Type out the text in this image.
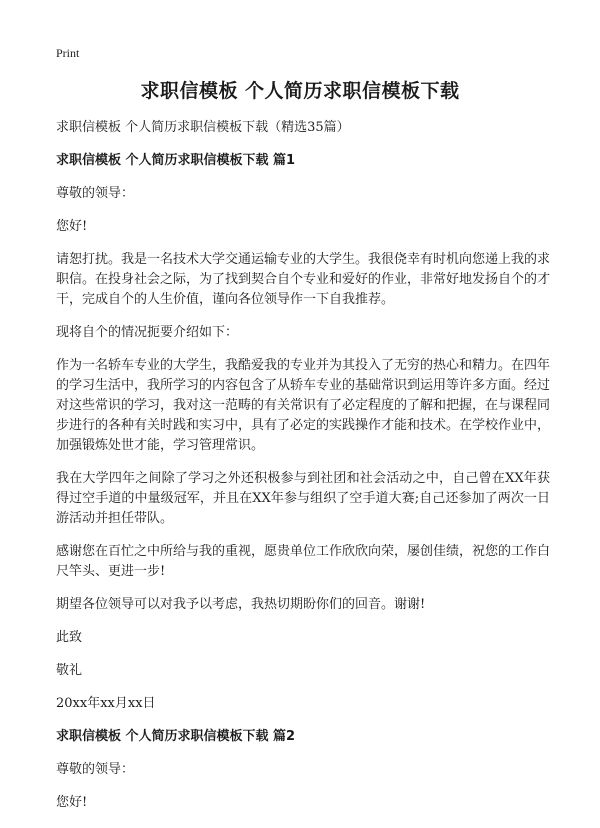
Print
求职信模板 个人简历求职信模板下载

求职信模板 个人简历求职信模板下载（精选35篇）

求职信模板 个人简历求职信模板下载 篇1

尊敬的领导：

您好!

请恕打扰。我是一名技术大学交通运输专业的大学生。我很侥幸有时机向您递上我的求职信。在投身社会之际，为了找到契合自个专业和爱好的作业，非常好地发扬自个的才干，完成自个的人生价值，谨向各位领导作一下自我推荐。

现将自个的情况扼要介绍如下：

作为一名轿车专业的大学生，我酷爱我的专业并为其投入了无穷的热心和精力。在四年的学习生活中，我所学习的内容包含了从轿车专业的基础常识到运用等许多方面。经过对这些常识的学习，我对这一范畴的有关常识有了必定程度的了解和把握，在与课程同步进行的各种有关时践和实习中，具有了必定的实践操作才能和技术。在学校作业中，加强锻炼处世才能，学习管理常识。

我在大学四年之间除了学习之外还积极参与到社团和社会活动之中，自己曾在XX年获得过空手道的中量级冠军，并且在XX年参与组织了空手道大赛;自己还参加了两次一日游活动并担任带队。

感谢您在百忙之中所给与我的重视，愿贵单位工作欣欣向荣，屡创佳绩，祝您的工作白尺竿头、更进一步!

期望各位领导可以对我予以考虑，我热切期盼你们的回音。谢谢!

此致

敬礼

20xx年xx月xx日

求职信模板 个人简历求职信模板下载 篇2

尊敬的领导：

您好!
